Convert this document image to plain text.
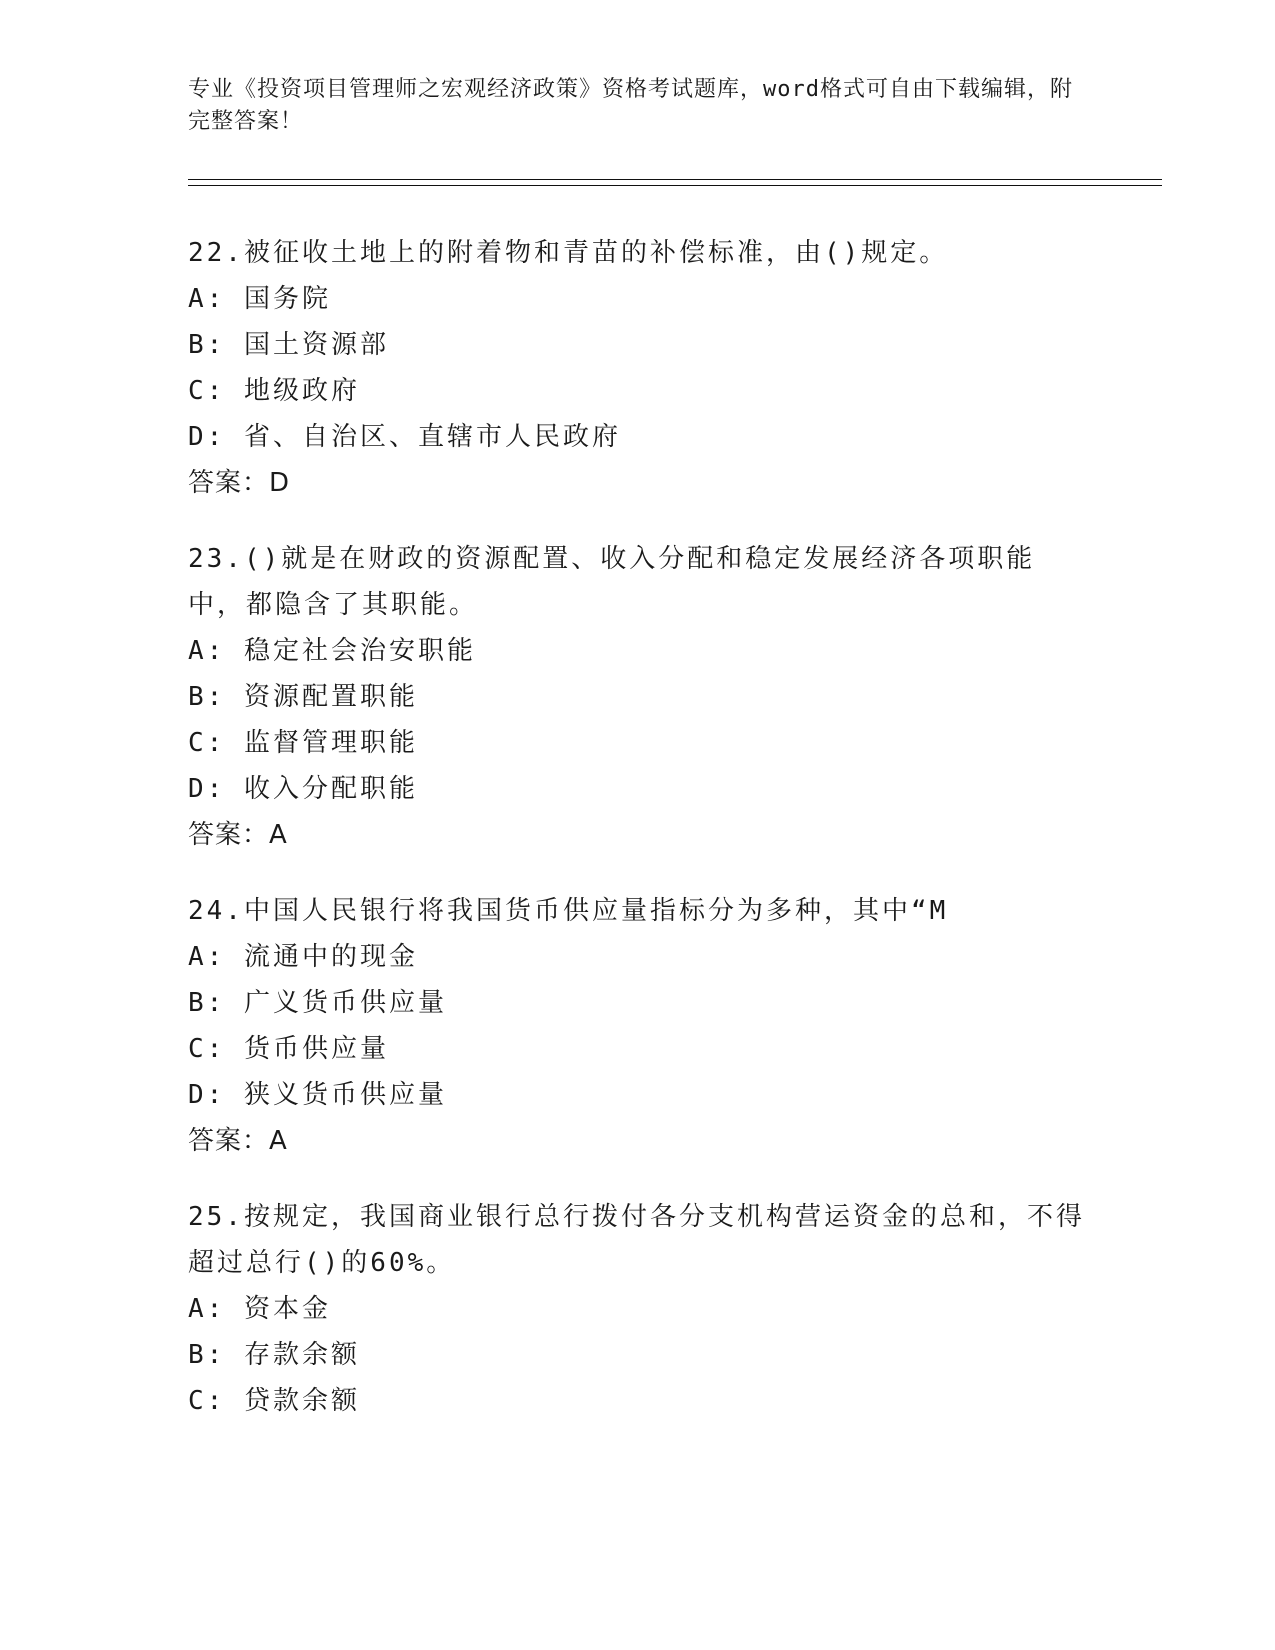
专业《投资项目管理师之宏观经济政策》资格考试题库，word格式可自由下载编辑，附完整答案！
22.被征收土地上的附着物和青苗的补偿标准，由()规定。
A: 国务院
B: 国土资源部
C: 地级政府
D: 省、自治区、直辖市人民政府
答案：D
23.()就是在财政的资源配置、收入分配和稳定发展经济各项职能中，都隐含了其职能。
A: 稳定社会治安职能
B: 资源配置职能
C: 监督管理职能
D: 收入分配职能
答案：A
24.中国人民银行将我国货币供应量指标分为多种，其中“M
A: 流通中的现金
B: 广义货币供应量
C: 货币供应量
D: 狭义货币供应量
答案：A
25.按规定，我国商业银行总行拨付各分支机构营运资金的总和，不得超过总行()的60%。
A: 资本金
B: 存款余额
C: 贷款余额
